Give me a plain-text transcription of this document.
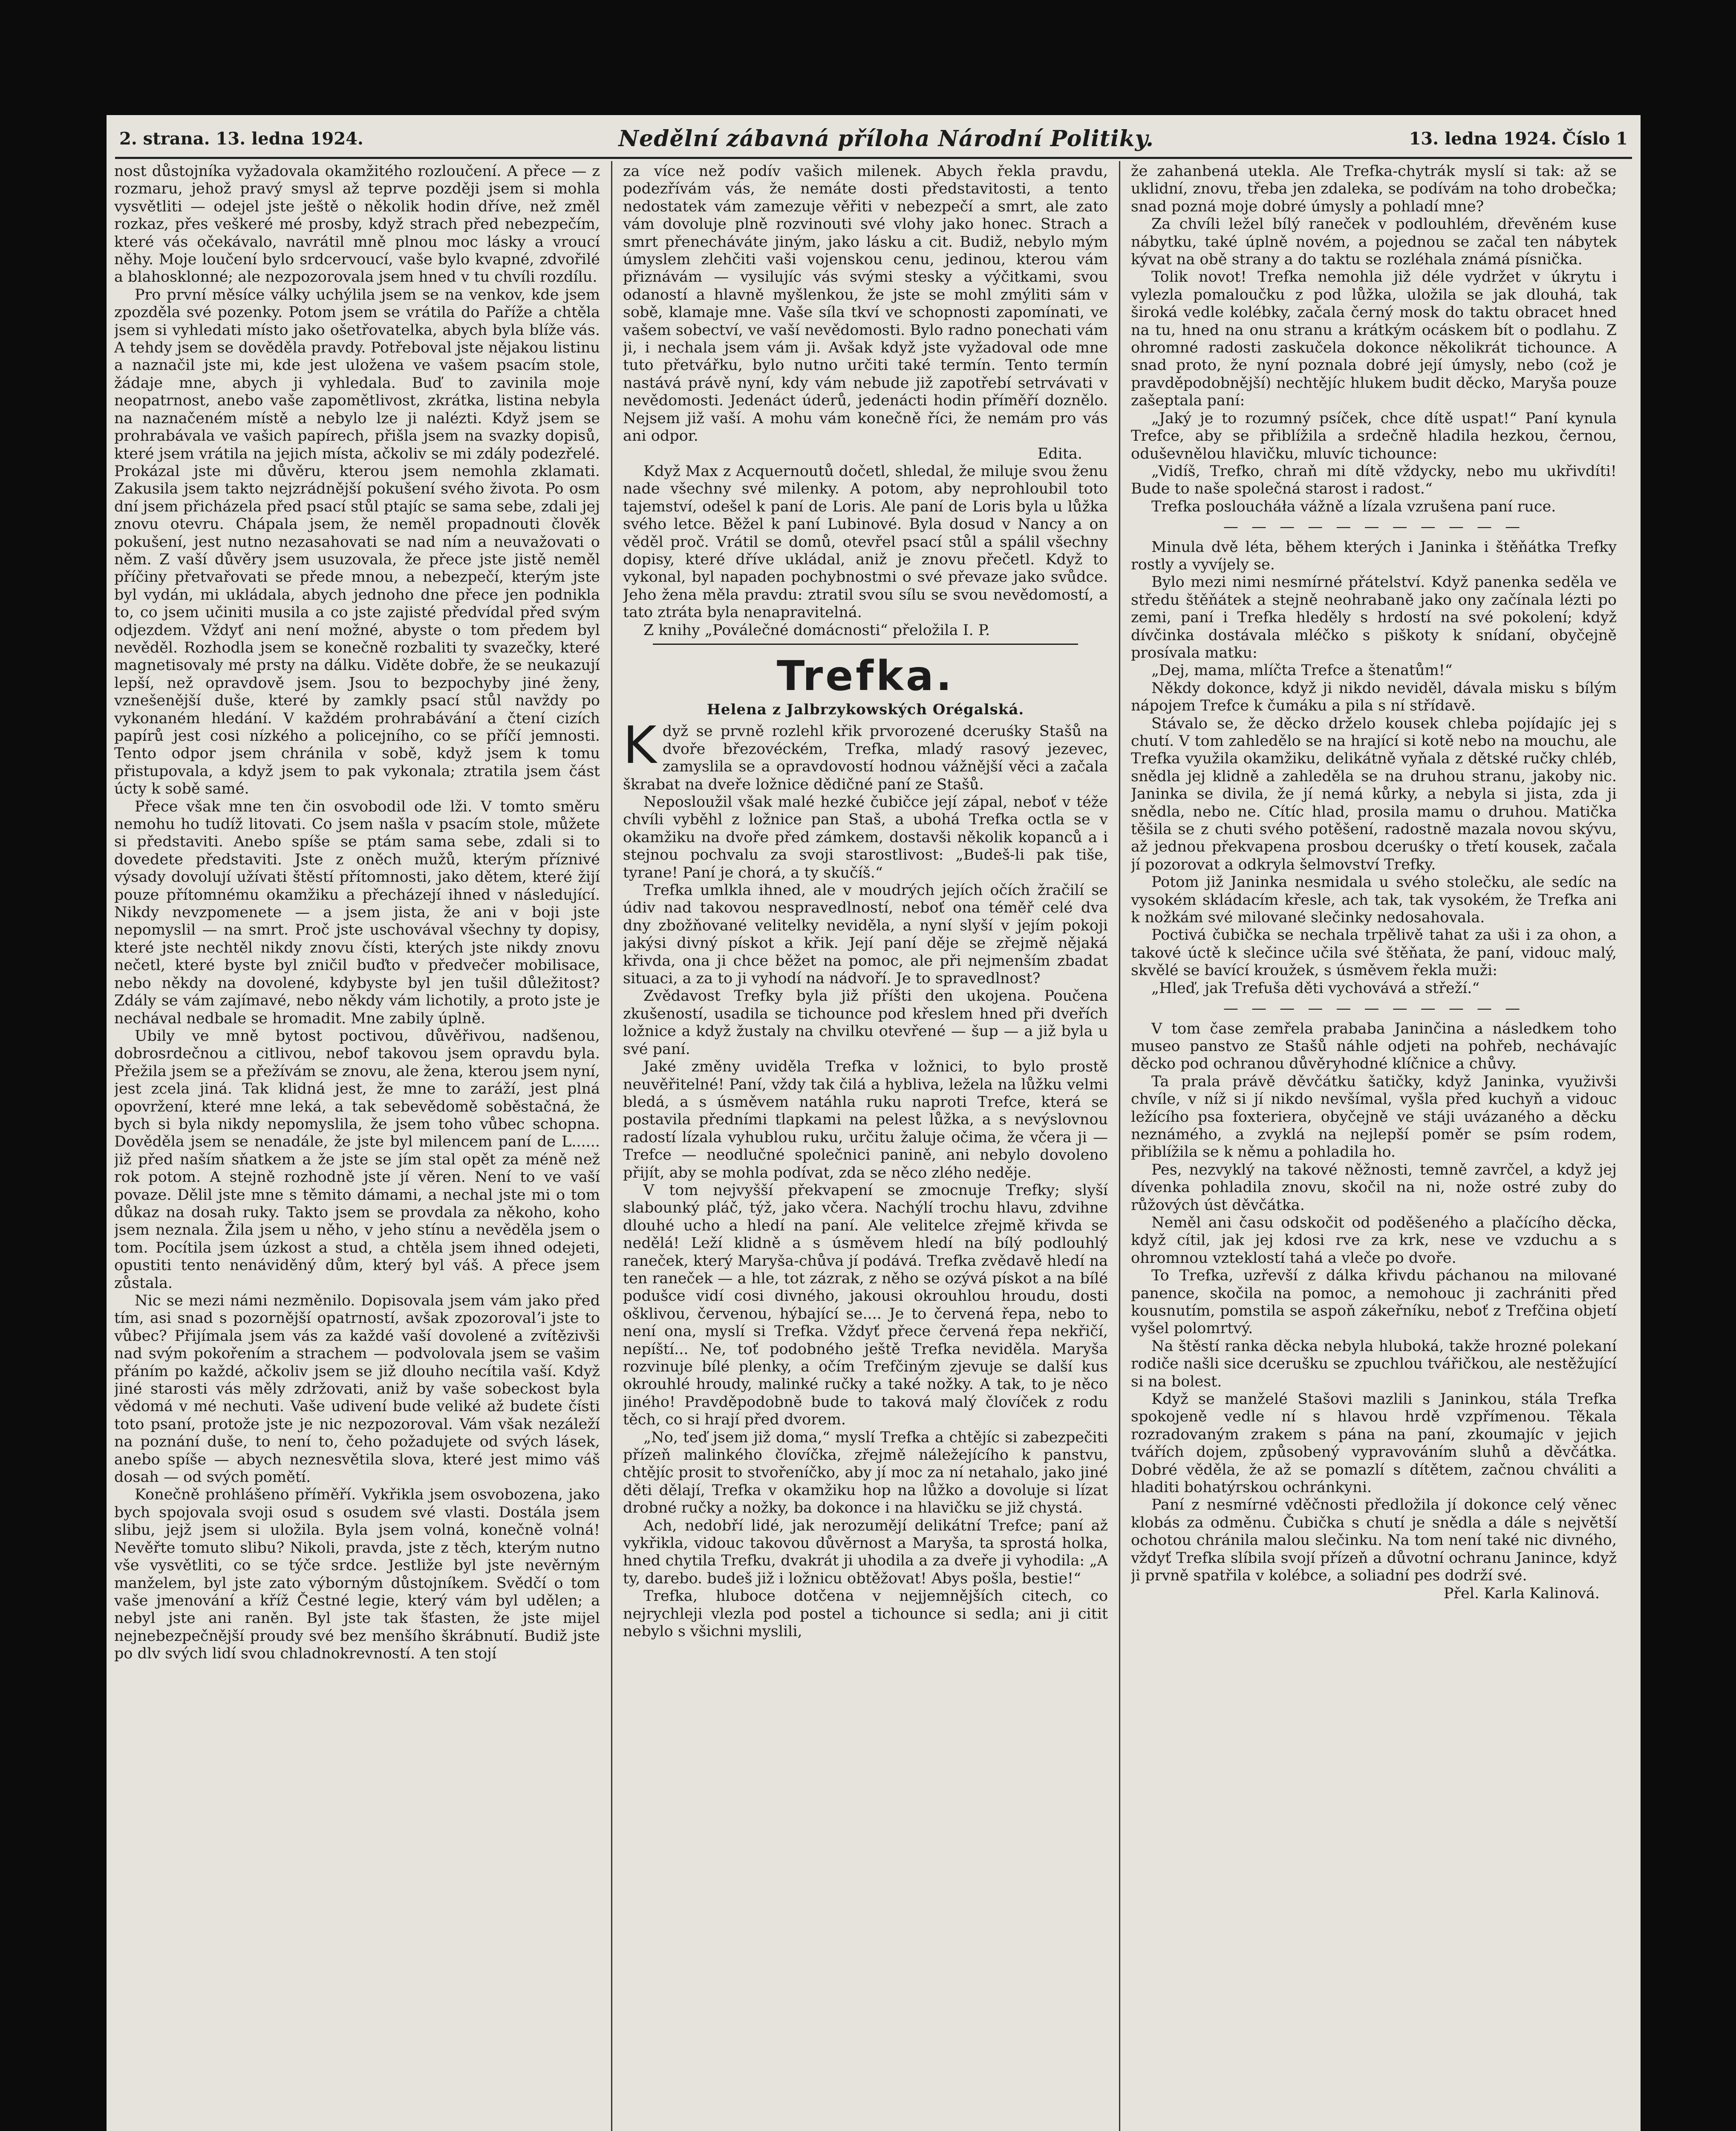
2. strana. 13. ledna 1924.	Nedělní zábavná příloha Národní Politiky.	13. ledna 1924. Číslo 1

nost důstojníka vyžadovala okamžitého rozloučení. A přece — z rozmaru, jehož pravý smysl až teprve později jsem si mohla vysvětliti — odejel jste ještě o několik hodin dříve, než změl rozkaz, přes veškeré mé prosby, když strach před nebezpečím, které vás očekávalo, navrátil mně plnou moc lásky a vroucí něhy. Moje loučení bylo srdcervoucí, vaše bylo kvapné, zdvořilé a blahosklonné; ale nezpozorovala jsem hned v tu chvíli rozdílu.

Pro první měsíce války uchýlila jsem se na venkov, kde jsem zpozděla své pozenky. Potom jsem se vrátila do Paříže a chtěla jsem si vyhledati místo jako ošetřovatelka, abych byla blíže vás. A tehdy jsem se dověděla pravdy. Potřeboval jste nějakou listinu a naznačil jste mi, kde jest uložena ve vašem psacím stole, žádaje mne, abych ji vyhledala. Buď to zavinila moje neopatrnost, anebo vaše zapomětlivost, zkrátka, listina nebyla na naznačeném místě a nebylo lze ji nalézti. Když jsem se prohrabávala ve vašich papírech, přišla jsem na svazky dopisů, které jsem vrátila na jejich místa, ačkoliv se mi zdály podezřelé. Prokázal jste mi důvěru, kterou jsem nemohla zklamati. Zakusila jsem takto nejzrádnější pokušení svého života. Po osm dní jsem přicházela před psací stůl ptajíc se sama sebe, zdali jej znovu otevru. Chápala jsem, že neměl propadnouti člověk pokušení, jest nutno nezasahovati se nad ním a neuvažovati o něm. Z vaší důvěry jsem usuzovala, že přece jste jistě neměl příčiny přetvařovati se přede mnou, a nebezpečí, kterým jste byl vydán, mi ukládala, abych jednoho dne přece jen podnikla to, co jsem učiniti musila a co jste zajisté předvídal před svým odjezdem. Vždyť ani není možné, abyste o tom předem byl nevěděl. Rozhodla jsem se konečně rozbaliti ty svazečky, které magnetisovaly mé prsty na dálku. Viděte dobře, že se neukazují lepší, než opravdově jsem. Jsou to bezpochyby jiné ženy, vznešenější duše, které by zamkly psací stůl navždy po vykonaném hledání. V každém prohrabávání a čtení cizích papírů jest cosi nízkého a policejního, co se příčí jemnosti. Tento odpor jsem chránila v sobě, když jsem k tomu přistupovala, a když jsem to pak vykonala; ztratila jsem část úcty k sobě samé.

Přece však mne ten čin osvobodil ode lži. V tomto směru nemohu ho tudíž litovati. Co jsem našla v psacím stole, můžete si představiti. Anebo spíše se ptám sama sebe, zdali si to dovedete představiti. Jste z oněch mužů, kterým příznivé výsady dovolují užívati štěstí přítomnosti, jako dětem, které žijí pouze přítomnému okamžiku a přecházejí ihned v následující. Nikdy nevzpomenete — a jsem jista, že ani v boji jste nepomyslil — na smrt. Proč jste uschovával všechny ty dopisy, které jste nechtěl nikdy znovu čísti, kterých jste nikdy znovu nečetl, které byste byl zničil buďto v předvečer mobilisace, nebo někdy na dovolené, kdybyste byl jen tušil důležitost? Zdály se vám zajímavé, nebo někdy vám lichotily, a proto jste je nechával nedbale se hromadit. Mne zabily úplně.

Ubily ve mně bytost poctivou, důvěřivou, nadšenou, dobrosrdečnou a citlivou, nebof takovou jsem opravdu byla. Přežila jsem se a přežívám se znovu, ale žena, kterou jsem nyní, jest zcela jiná. Tak klidná jest, že mne to zaráží, jest plná opovržení, které mne leká, a tak sebevědomě soběstačná, že bych si byla nikdy nepomyslila, že jsem toho vůbec schopna. Dověděla jsem se nenadále, že jste byl milencem paní de L...... již před naším sňatkem a že jste se jím stal opět za méně než rok potom. A stejně rozhodně jste jí věren. Není to ve vaší povaze. Dělil jste mne s těmito dámami, a nechal jste mi o tom důkaz na dosah ruky. Takto jsem se provdala za někoho, koho jsem neznala. Žila jsem u něho, v jeho stínu a nevěděla jsem o tom. Pocítila jsem úzkost a stud, a chtěla jsem ihned odejeti, opustiti tento nenáviděný dům, který byl váš. A přece jsem zůstala.

Nic se mezi námi nezměnilo. Dopisovala jsem vám jako před tím, asi snad s pozornější opatrností, avšak zpozorovalʼi jste to vůbec? Přijímala jsem vás za každé vaší dovolené a zvítězivši nad svým pokořením a strachem — podvolovala jsem se vašim přáním po každé, ačkoliv jsem se již dlouho necítila vaší. Když jiné starosti vás měly zdržovati, aniž by vaše sobeckost byla vědomá v mé nechuti. Vaše udivení bude veliké až budete čísti toto psaní, protože jste je nic nezpozoroval. Vám však nezáleží na poznání duše, to není to, čeho požadujete od svých lásek, anebo spíše — abych neznesvětila slova, které jest mimo váš dosah — od svých pomětí.

Konečně prohlášeno příměří. Vykřikla jsem osvobozena, jako bych spojovala svoji osud s osudem své vlasti. Dostála jsem slibu, jejž jsem si uložila. Byla jsem volná, konečně volná! Nevěřte tomuto slibu? Nikoli, pravda, jste z těch, kterým nutno vše vysvětliti, co se týče srdce. Jestliže byl jste nevěrným manželem, byl jste zato výborným důstojníkem. Svědčí o tom vaše jmenování a kříž Čestné legie, který vám byl udělen; a nebyl jste ani raněn. Byl jste tak šťasten, že jste mijel nejnebezpečnější proudy své bez menšího škrábnutí. Budiž jste po dlv svých lidí svou chladnokrevností. A ten stojí

za více než podív vašich milenek. Abych řekla pravdu, podezřívám vás, že nemáte dosti představitosti, a tento nedostatek vám zamezuje věřiti v nebezpečí a smrt, ale zato vám dovoluje plně rozvinouti své vlohy jako honec. Strach a smrt přenecháváte jiným, jako lásku a cit. Budiž, nebylo mým úmyslem zlehčiti vaši vojenskou cenu, jedinou, kterou vám přiznávám — vysilujíc vás svými stesky a výčitkami, svou odaností a hlavně myšlenkou, že jste se mohl zmýliti sám v sobě, klamaje mne. Vaše síla tkví ve schopnosti zapomínati, ve vašem sobectví, ve vaší nevědomosti. Bylo radno ponechati vám ji, i nechala jsem vám ji. Avšak když jste vyžadoval ode mne tuto přetvářku, bylo nutno určiti také termín. Tento termín nastává právě nyní, kdy vám nebude již zapotřebí setrvávati v nevědomosti. Jedenáct úderů, jedenácti hodin příměří doznělo. Nejsem již vaší. A mohu vám konečně říci, že nemám pro vás ani odpor.

Edita.

Když Max z Acquernoutů dočetl, shledal, že miluje svou ženu nade všechny své milenky. A potom, aby neprohloubil toto tajemství, odešel k paní de Loris. Ale paní de Loris byla u lůžka svého letce. Běžel k paní Lubinové. Byla dosud v Nancy a on věděl proč. Vrátil se domů, otevřel psací stůl a spálil všechny dopisy, které dříve ukládal, aniž je znovu přečetl. Když to vykonal, byl napaden pochybnostmi o své převaze jako svůdce. Jeho žena měla pravdu: ztratil svou sílu se svou nevědomostí, a tato ztráta byla nenapravitelná.

Z knihy „Poválečné domácnosti“ přeložila I. P.

Trefka.
Helena z Jalbrzykowských Orégalská.

Když se prvně rozlehl křik prvorozené dceruśky Stašů na dvoře březovéckém, Trefka, mladý rasový jezevec, zamyslila se a opravdovostí hodnou vážnější věci a začala škrabat na dveře ložnice dědičné paní ze Stašů.

Neposloužil však malé hezké čubičce její zápal, neboť v téže chvíli vyběhl z ložnice pan Staš, a ubohá Trefka octla se v okamžiku na dvoře před zámkem, dostavši několik kopanců a i stejnou pochvalu za svoji starostlivost: „Budeš-li pak tiše, tyrane! Paní je chorá, a ty skučíš.“

Trefka umlkla ihned, ale v moudrých jejích očích žračilí se údiv nad takovou nespravedlností, neboť ona téměř celé dva dny zbožňované velitelky neviděla, a nyní slyší v jejím pokoji jakýsi divný pískot a křik. Její paní děje se zřejmě nějaká křivda, ona ji chce běžet na pomoc, ale při nejmenším zbadat situaci, a za to ji vyhodí na nádvoří. Je to spravedlnost?

Zvědavost Trefky byla již příšti den ukojena. Poučena zkušeností, usadila se tichounce pod křeslem hned při dveřích ložnice a když žustaly na chvilku otevřené — šup — a již byla u své paní.

Jaké změny uviděla Trefka v ložnici, to bylo prostě neuvěřitelné! Paní, vždy tak čilá a hybliva, ležela na lůžku velmi bledá, a s úsměvem natáhla ruku naproti Trefce, která se postavila předními tlapkami na pelest lůžka, a s nevýslovnou radostí lízala vyhublou ruku, určitu žaluje očima, že včera ji — Trefce — neodlučné společnici panině, ani nebylo dovoleno přijít, aby se mohla podívat, zda se něco zlého neděje.

V tom nejvyšší překvapení se zmocnuje Trefky; slyší slabounký pláč, týž, jako včera. Nachýlí trochu hlavu, zdvihne dlouhé ucho a hledí na paní. Ale velitelce zřejmě křivda se nedělá! Leží klidně a s úsměvem hledí na bílý podlouhlý raneček, který Maryša-chůva jí podává. Trefka zvědavě hledí na ten raneček — a hle, tot zázrak, z něho se ozývá pískot a na bílé podušce vidí cosi divného, jakousi okrouhlou hroudu, dosti ošklivou, červenou, hýbající se.... Je to červená řepa, nebo to není ona, myslí si Trefka. Vždyť přece červená řepa nekřičí, nepíští... Ne, toť podobného ještě Trefka neviděla. Maryša rozvinuje bílé plenky, a očím Trefčiným zjevuje se další kus okrouhlé hroudy, malinké ručky a také nožky. A tak, to je něco jiného! Pravděpodobně bude to taková malý človíček z rodu těch, co si hrají před dvorem.

„No, teď jsem již doma,“ myslí Trefka a chtějíc si zabezpečiti přízeň malinkého človíčka, zřejmě náležejícího k panstvu, chtějíc prosit to stvořeníčko, aby jí moc za ní netahalo, jako jiné děti dělají, Trefka v okamžiku hop na lůžko a dovoluje si lízat drobné ručky a nožky, ba dokonce i na hlavičku se již chystá.

Ach, nedobří lidé, jak nerozumějí delikátní Trefce; paní až vykřikla, vidouc takovou důvěrnost a Maryša, ta sprostá holka, hned chytila Trefku, dvakrát ji uhodila a za dveře ji vyhodila: „A ty, darebo. budeš již i ložnicu obtěžovat! Abys pošla, bestie!“

Trefka, hluboce dotčena v nejjemnějších citech, co nejrychleji vlezla pod postel a tichounce si sedla; ani ji citit nebylo s všichni myslili,

že zahanbená utekla. Ale Trefka-chytrák myslí si tak: až se uklidní, znovu, třeba jen zdaleka, se podívám na toho drobečka; snad pozná moje dobré úmysly a pohladí mne?

Za chvíli ležel bílý raneček v podlouhlém, dřevěném kuse nábytku, také úplně novém, a pojednou se začal ten nábytek kývat na obě strany a do taktu se rozléhala známá písnička.

Tolik novot! Trefka nemohla již déle vydržet v úkrytu i vylezla pomaloučku z pod lůžka, uložila se jak dlouhá, tak široká vedle kolébky, začala černý mosk do taktu obracet hned na tu, hned na onu stranu a krátkým ocáskem bít o podlahu. Z ohromné radosti zaskučela dokonce několikrát tichounce. A snad proto, že nyní poznala dobré její úmysly, nebo (což je pravděpodobnější) nechtějíc hlukem budit děcko, Maryša pouze zašeptala paní:

„Jaký je to rozumný psíček, chce dítě uspat!“ Paní kynula Trefce, aby se přiblížila a srdečně hladila hezkou, černou, oduševnělou hlavičku, mluvíc tichounce:

„Vidíš, Trefko, chraň mi dítě vždycky, nebo mu ukřivdíti! Bude to naše společná starost i radost.“

Trefka posloucháła vážně a lízala vzrušena paní ruce.

— — — — — — — — — — —

Minula dvě léta, během kterých i Janinka i štěňátka Trefky rostly a vyvíjely se.

Bylo mezi nimi nesmírné přátelství. Když panenka seděla ve středu štěňátek a stejně neohrabaně jako ony začínala lézti po zemi, paní i Trefka hleděly s hrdostí na své pokolení; když dívčinka dostávala mléčko s piškoty k snídaní, obyčejně prosívala matku:

„Dej, mama, mlíčta Trefce a štenatům!“

Někdy dokonce, když ji nikdo neviděl, dávala misku s bílým nápojem Trefce k čumáku a pila s ní střídavě.

Stávalo se, že děcko drželo kousek chleba pojídajíc jej s chutí. V tom zahledělo se na hrající si kotě nebo na mouchu, ale Trefka využila okamžiku, delikátně vyňala z dětské ručky chléb, snědla jej klidně a zahleděla se na druhou stranu, jakoby nic. Janinka se divila, že jí nemá kůrky, a nebyla si jista, zda ji snědla, nebo ne. Cítíc hlad, prosila mamu o druhou. Matička těšila se z chuti svého potěšení, radostně mazala novou skývu, až jednou překvapena prosbou dceruśky o třetí kousek, začala jí pozorovat a odkryla šelmovství Trefky.

Potom již Janinka nesmidala u svého stolečku, ale sedíc na vysokém skládacím křesle, ach tak, tak vysokém, že Trefka ani k nožkám své milované slečinky nedosahovala.

Poctivá čubička se nechala trpělivě tahat za uši i za ohon, a takové úctě k slečince učila své štěňata, že paní, vidouc malý, skvělé se bavící kroužek, s úsměvem řekla muži:

„Hleď, jak Trefuša děti vychovává a střeží.“

— — — — — — — — — — —

V tom čase zemřela prababa Janinčina a následkem toho museo panstvo ze Stašů náhle odjeti na pohřeb, nechávajíc děcko pod ochranou důvěryhodné klíčnice a chůvy.

Ta prala právě děvčátku šatičky, když Janinka, využivši chvíle, v níž si jí nikdo nevšímal, vyšla před kuchyň a vidouc ležícího psa foxteriera, obyčejně ve stáji uvázaného a děcku neznámého, a zvyklá na nejlepší poměr se psím rodem, přiblížila se k němu a pohladila ho.

Pes, nezvyklý na takové něžnosti, temně zavrčel, a když jej dívenka pohladila znovu, skočil na ni, nože ostré zuby do růžových úst děvčátka.

Neměl ani času odskočit od poděšeného a plačícího děcka, když cítil, jak jej kdosi rve za krk, nese ve vzduchu a s ohromnou vzteklostí tahá a vleče po dvoře.

To Trefka, uzřevší z dálka křivdu páchanou na milované panence, skočila na pomoc, a nemohouc ji zachrániti před kousnutím, pomstila se aspoň zákeřníku, neboť z Trefčina objetí vyšel polomrtvý.

Na štěstí ranka děcka nebyla hluboká, takže hrozné polekaní rodiče našli sice dcerušku se zpuchlou tvářičkou, ale nestěžující si na bolest.

Když se manželé Stašovi mazlili s Janinkou, stála Trefka spokojeně vedle ní s hlavou hrdě vzpřímenou. Těkala rozradovaným zrakem s pána na paní, zkoumajíc v jejich tvářích dojem, způsobený vypravováním sluhů a děvčátka. Dobré věděla, že až se pomazlí s dítětem, začnou chváliti a hladiti bohatýrskou ochránkyni.

Paní z nesmírné vděčnosti předložila jí dokonce celý věnec klobás za odměnu. Čubička s chutí je snědla a dále s největší ochotou chránila malou slečinku. Na tom není také nic divného, vždyť Trefka slíbila svojí přízeň a důvotní ochranu Janince, když ji prvně spatřila v kolébce, a soliadní pes dodrží své.

Přel. Karla Kalinová.
